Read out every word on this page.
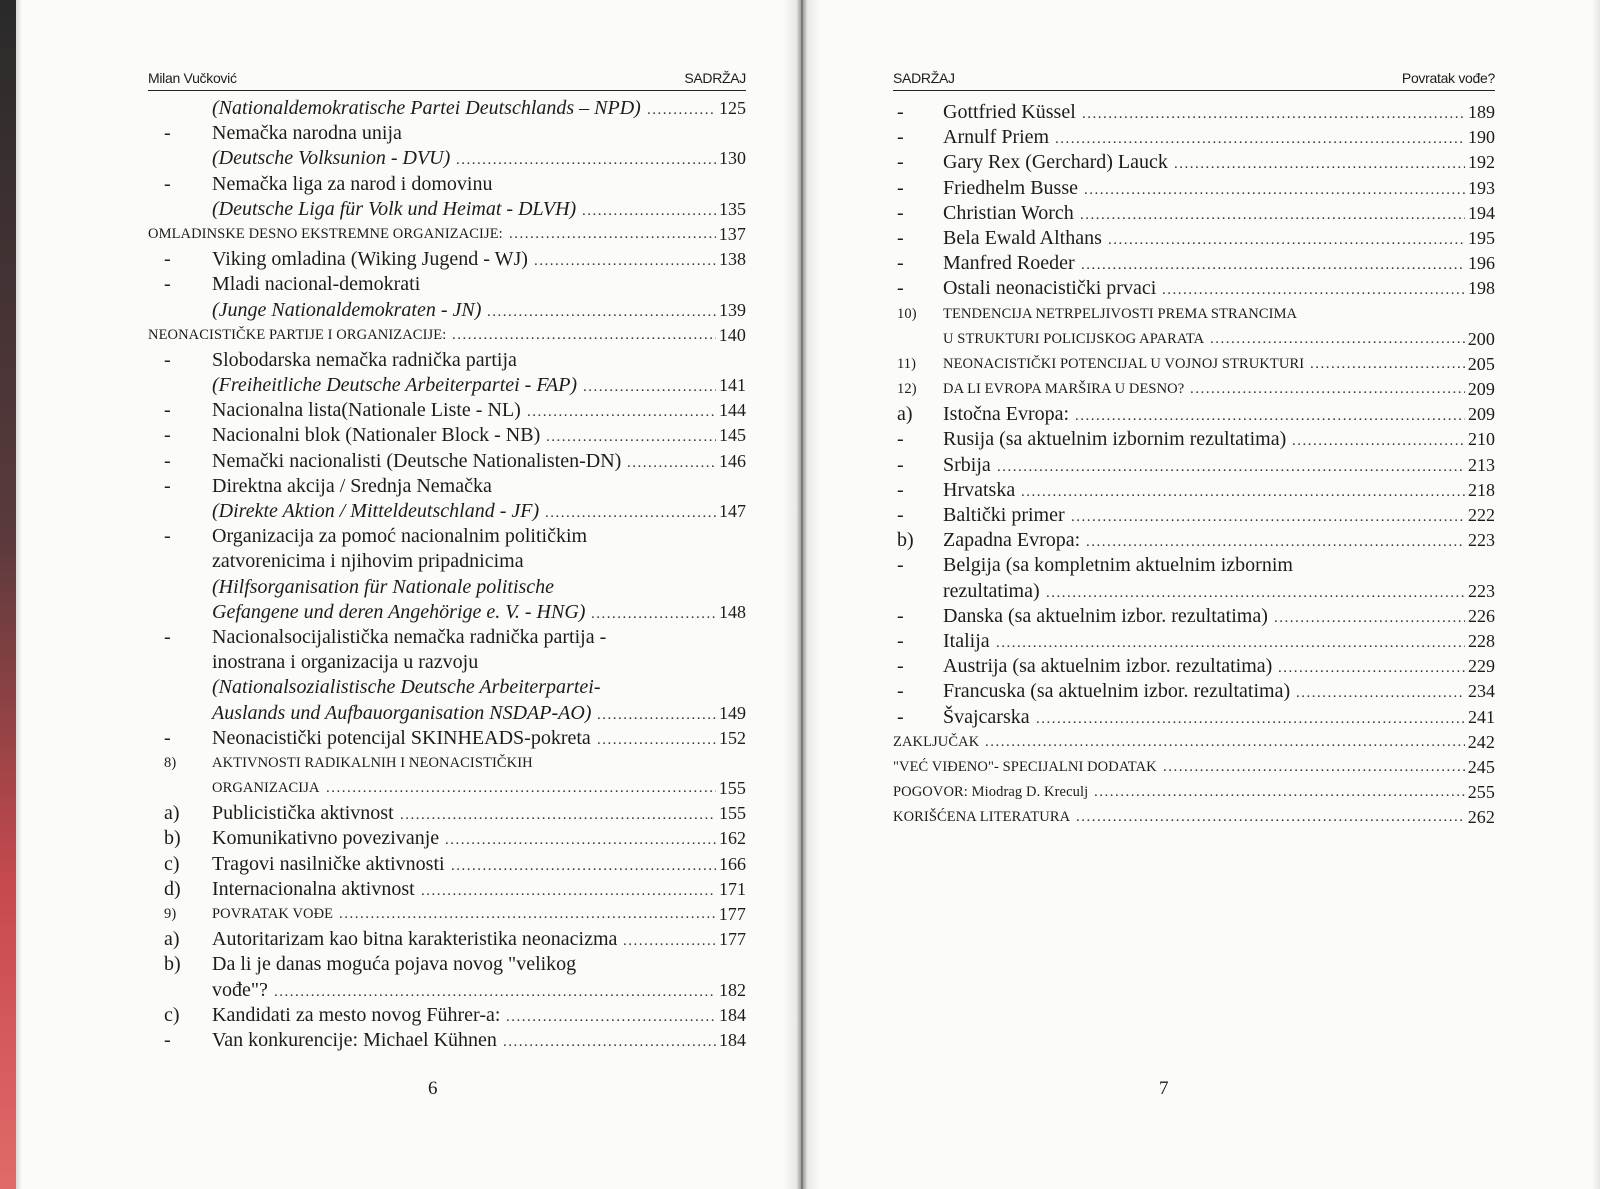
Milan Vučković	SADRŽAJ
(Nationaldemokratische Partei Deutschlands – NPD) .....	125
- Nemačka narodna unija
(Deutsche Volksunion - DVU) .....	130
- Nemačka liga za narod i domovinu
(Deutsche Liga für Volk und Heimat - DLVH) .....	135
OMLADINSKE DESNO EKSTREMNE ORGANIZACIJE: .....	137
- Viking omladina (Wiking Jugend - WJ) .....	138
- Mladi nacional-demokrati
(Junge Nationaldemokraten - JN) .....	139
NEONACISTIČKE PARTIJE I ORGANIZACIJE: .....	140
- Slobodarska nemačka radnička partija
(Freiheitliche Deutsche Arbeiterpartei - FAP) .....	141
- Nacionalna lista(Nationale Liste - NL) .....	144
- Nacionalni blok (Nationaler Block - NB) .....	145
- Nemački nacionalisti (Deutsche Nationalisten-DN) .....	146
- Direktna akcija / Srednja Nemačka
(Direkte Aktion / Mitteldeutschland - JF) .....	147
- Organizacija za pomoć nacionalnim političkim
zatvorenicima i njihovim pripadnicima
(Hilfsorganisation für Nationale politische
Gefangene und deren Angehörige e. V. - HNG) .....	148
- Nacionalsocijalistička nemačka radnička partija -
inostrana i organizacija u razvoju
(Nationalsozialistische Deutsche Arbeiterpartei-
Auslands und Aufbauorganisation NSDAP-AO) .....	149
- Neonacistički potencijal SKINHEADS-pokreta .....	152
8) AKTIVNOSTI RADIKALNIH I NEONACISTIČKIH
ORGANIZACIJA .....	155
a) Publicistička aktivnost .....	155
b) Komunikativno povezivanje .....	162
c) Tragovi nasilničke aktivnosti .....	166
d) Internacionalna aktivnost .....	171
9) POVRATAK VOĐE .....	177
a) Autoritarizam kao bitna karakteristika neonacizma .....	177
b) Da li je danas moguća pojava novog "velikog
vođe"? .....	182
c) Kandidati za mesto novog Führer-a: .....	184
- Van konkurencije: Michael Kühnen .....	184
6
SADRŽAJ	Povratak vođe?
- Gottfried Küssel .....	189
- Arnulf Priem .....	190
- Gary Rex (Gerchard) Lauck .....	192
- Friedhelm Busse .....	193
- Christian Worch .....	194
- Bela Ewald Althans .....	195
- Manfred Roeder .....	196
- Ostali neonacistički prvaci .....	198
10) TENDENCIJA NETRPELJIVOSTI PREMA STRANCIMA
U STRUKTURI POLICIJSKOG APARATA .....	200
11) NEONACISTIČKI POTENCIJAL U VOJNOJ STRUKTURI .....	205
12) DA LI EVROPA MARŠIRA U DESNO? .....	209
a) Istočna Evropa: .....	209
- Rusija (sa aktuelnim izbornim rezultatima) .....	210
- Srbija .....	213
- Hrvatska .....	218
- Baltički primer .....	222
b) Zapadna Evropa: .....	223
- Belgija (sa kompletnim aktuelnim izbornim
rezultatima) .....	223
- Danska (sa aktuelnim izbor. rezultatima) .....	226
- Italija .....	228
- Austrija (sa aktuelnim izbor. rezultatima) .....	229
- Francuska (sa aktuelnim izbor. rezultatima) .....	234
- Švajcarska .....	241
ZAKLJUČAK .....	242
"VEĆ VIĐENO"- SPECIJALNI DODATAK .....	245
POGOVOR: Miodrag D. Kreculj .....	255
KORIŠĆENA LITERATURA .....	262
7
